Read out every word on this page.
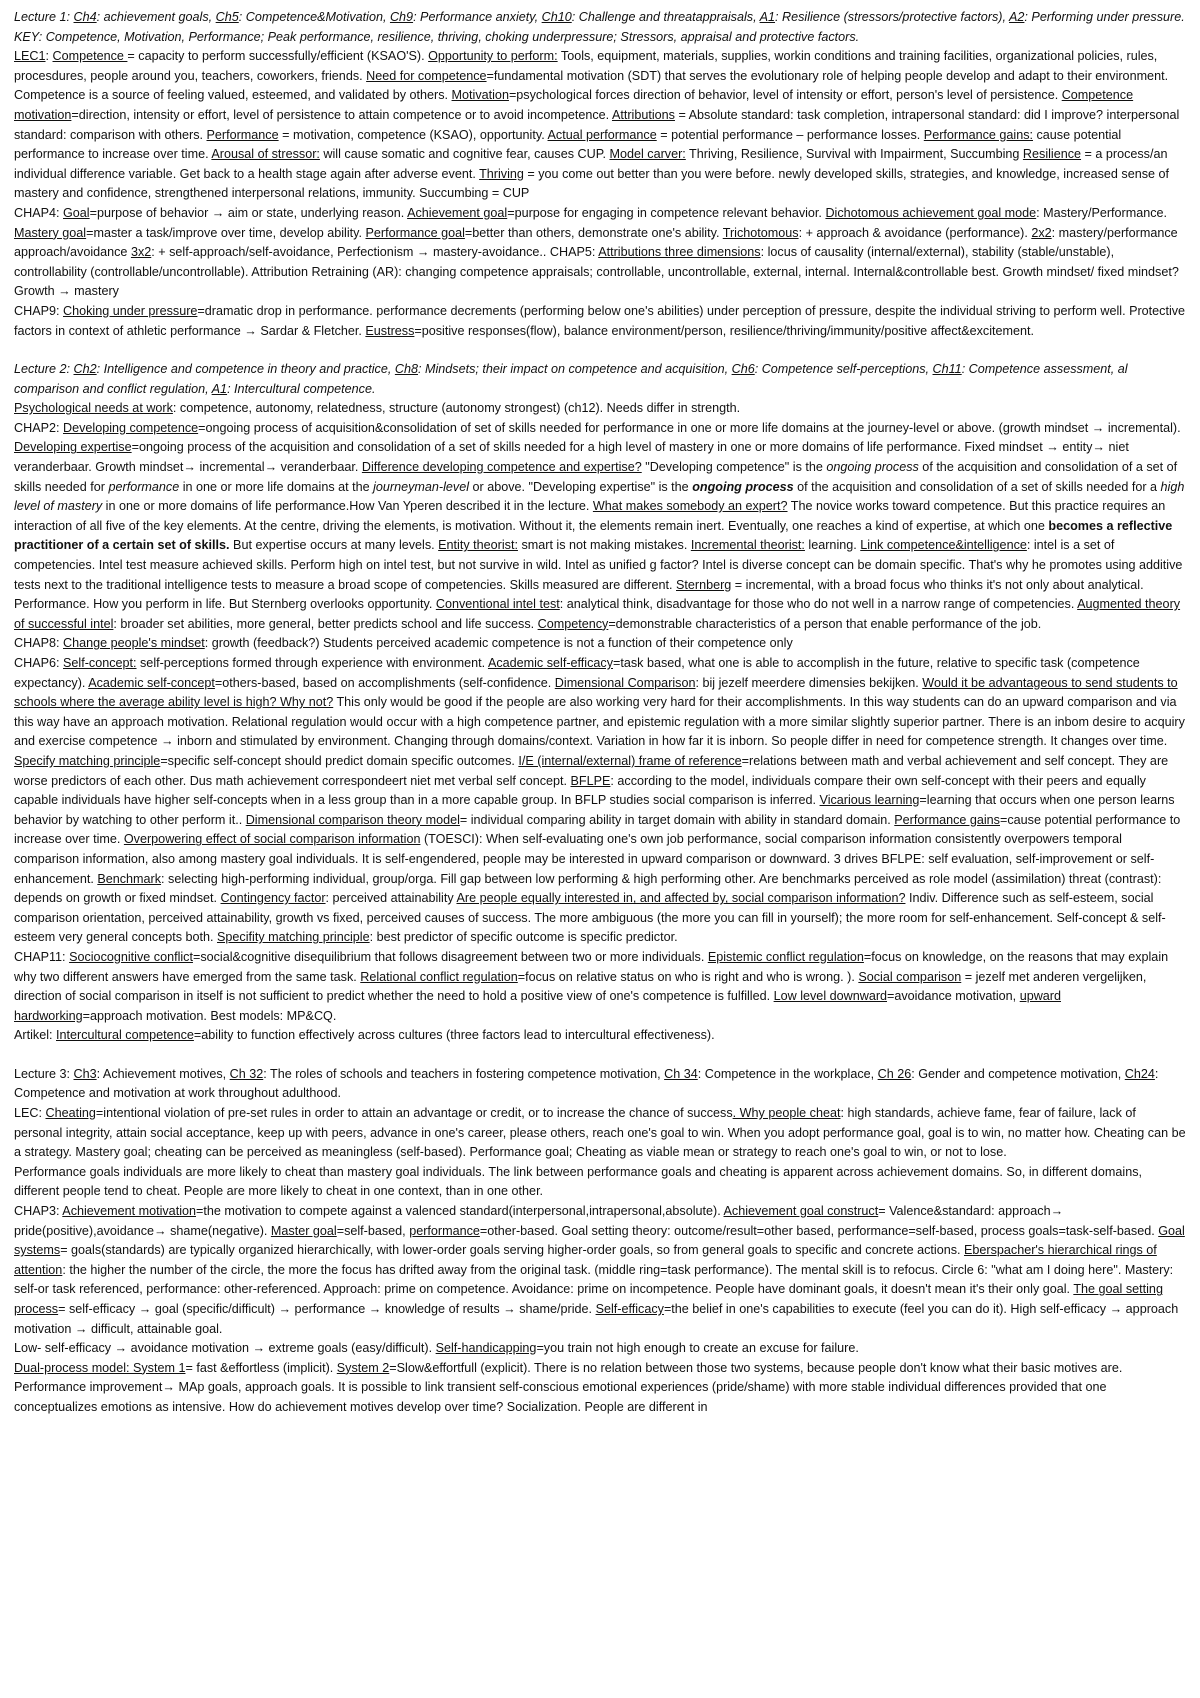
Lecture 1: Ch4: achievement goals, Ch5: Competence&Motivation, Ch9: Performance anxiety, Ch10: Challenge and threatappraisals, A1: Resilience (stressors/protective factors), A2: Performing under pressure. KEY: Competence, Motivation, Performance; Peak performance, resilience, thriving, choking underpressure; Stressors, appraisal and protective factors.

LEC1: Competence = capacity to perform successfully/efficient (KSAO'S). Opportunity to perform: Tools, equipment, materials, supplies, workin conditions and training facilities, organizational policies, rules, procesdures, people around you, teachers, coworkers, friends. Need for competence=fundamental motivation (SDT) that serves the evolutionary role of helping people develop and adapt to their environment. Competence is a source of feeling valued, esteemed, and validated by others. Motivation=psychological forces direction of behavior, level of intensity or effort, person's level of persistence. Competence motivation=direction, intensity or effort, level of persistence to attain competence or to avoid incompetence. Attributions = Absolute standard: task completion, intrapersonal standard: did I improve? interpersonal standard: comparison with others. Performance = motivation, competence (KSAO), opportunity. Actual performance = potential performance – performance losses. Performance gains: cause potential performance to increase over time. Arousal of stressor: will cause somatic and cognitive fear, causes CUP. Model carver: Thriving, Resilience, Survival with Impairment, Succumbing Resilience = a process/an individual difference variable. Get back to a health stage again after adverse event. Thriving = you come out better than you were before. newly developed skills, strategies, and knowledge, increased sense of mastery and confidence, strengthened interpersonal relations, immunity. Succumbing = CUP

CHAP4: Goal=purpose of behavior → aim or state, underlying reason. Achievement goal=purpose for engaging in competence relevant behavior. Dichotomous achievement goal mode: Mastery/Performance. Mastery goal=master a task/improve over time, develop ability. Performance goal=better than others, demonstrate one's ability. Trichotomous: + approach & avoidance (performance). 2x2: mastery/performance approach/avoidance 3x2: + self-approach/self-avoidance, Perfectionism → mastery-avoidance.. CHAP5: Attributions three dimensions: locus of causality (internal/external), stability (stable/unstable), controllability (controllable/uncontrollable). Attribution Retraining (AR): changing competence appraisals; controllable, uncontrollable, external, internal. Internal&controllable best. Growth mindset/ fixed mindset? Growth → mastery

CHAP9: Choking under pressure=dramatic drop in performance. performance decrements (performing below one's abilities) under perception of pressure, despite the individual striving to perform well. Protective factors in context of athletic performance → Sardar & Fletcher. Eustress=positive responses(flow), balance environment/person, resilience/thriving/immunity/positive affect&excitement.

Lecture 2: Ch2: Intelligence and competence in theory and practice, Ch8: Mindsets; their impact on competence and acquisition, Ch6: Competence self-perceptions, Ch11: Competence assessment, al comparison and conflict regulation, A1: Intercultural competence.

Psychological needs at work: competence, autonomy, relatedness, structure (autonomy strongest) (ch12). Needs differ in strength.

CHAP2: Developing competence=ongoing process of acquisition&consolidation of set of skills needed for performance in one or more life domains at the journey-level or above. (growth mindset → incremental). Developing expertise=ongoing process of the acquisition and consolidation of a set of skills needed for a high level of mastery in one or more domains of life performance. Fixed mindset → entity→ niet veranderbaar. Growth mindset→ incremental→ veranderbaar. Difference developing competence and expertise? "Developing competence" is the ongoing process of the acquisition and consolidation of a set of skills needed for performance in one or more life domains at the journeyman-level or above. "Developing expertise" is the ongoing process of the acquisition and consolidation of a set of skills needed for a high level of mastery in one or more domains of life performance.How Van Yperen described it in the lecture. What makes somebody an expert? The novice works toward competence. But this practice requires an interaction of all five of the key elements. At the centre, driving the elements, is motivation. Without it, the elements remain inert. Eventually, one reaches a kind of expertise, at which one becomes a reflective practitioner of a certain set of skills. But expertise occurs at many levels. Entity theorist: smart is not making mistakes. Incremental theorist: learning. Link competence&intelligence: intel is a set of competencies. Intel test measure achieved skills. Perform high on intel test, but not survive in wild. Intel as unified g factor? Intel is diverse concept can be domain specific. That's why he promotes using additive tests next to the traditional intelligence tests to measure a broad scope of competencies. Skills measured are different. Sternberg = incremental, with a broad focus who thinks it's not only about analytical. Performance. How you perform in life. But Sternberg overlooks opportunity. Conventional intel test: analytical think, disadvantage for those who do not well in a narrow range of competencies. Augmented theory of successful intel: broader set abilities, more general, better predicts school and life success. Competency=demonstrable characteristics of a person that enable performance of the job.

CHAP8: Change people's mindset: growth (feedback?) Students perceived academic competence is not a function of their competence only

CHAP6: Self-concept: self-perceptions formed through experience with environment. Academic self-efficacy=task based, what one is able to accomplish in the future, relative to specific task (competence expectancy). Academic self-concept=others-based, based on accomplishments (self-confidence. Dimensional Comparison: bij jezelf meerdere dimensies bekijken. Would it be advantageous to send students to schools where the average ability level is high? Why not? This only would be good if the people are also working very hard for their accomplishments. In this way students can do an upward comparison and via this way have an approach motivation. Relational regulation would occur with a high competence partner, and epistemic regulation with a more similar slightly superior partner. There is an inbom desire to acquiry and exercise competence → inborn and stimulated by environment. Changing through domains/context. Variation in how far it is inborn. So people differ in need for competence strength. It changes over time. Specify matching principle=specific self-concept should predict domain specific outcomes. I/E (internal/external) frame of reference=relations between math and verbal achievement and self concept. They are worse predictors of each other. Dus math achievement correspondeert niet met verbal self concept. BFLPE: according to the model, individuals compare their own self-concept with their peers and equally capable individuals have higher self-concepts when in a less group than in a more capable group. In BFLP studies social comparison is inferred. Vicarious learning=learning that occurs when one person learns behavior by watching to other perform it.. Dimensional comparison theory model= individual comparing ability in target domain with ability in standard domain. Performance gains=cause potential performance to increase over time. Overpowering effect of social comparison information (TOESCI): When self-evaluating one's own job performance, social comparison information consistently overpowers temporal comparison information, also among mastery goal individuals. It is self-engendered, people may be interested in upward comparison or downward. 3 drives BFLPE: self evaluation, self-improvement or self-enhancement. Benchmark: selecting high-performing individual, group/orga. Fill gap between low performing & high performing other. Are benchmarks perceived as role model (assimilation) threat (contrast): depends on growth or fixed mindset. Contingency factor: perceived attainability Are people equally interested in, and affected by, social comparison information? Indiv. Difference such as self-esteem, social comparison orientation, perceived attainability, growth vs fixed, perceived causes of success. The more ambiguous (the more you can fill in yourself); the more room for self-enhancement. Self-concept & self-esteem very general concepts both. Specifity matching principle: best predictor of specific outcome is specific predictor.

CHAP11: Sociocognitive conflict=social&cognitive disequilibrium that follows disagreement between two or more individuals. Epistemic conflict regulation=focus on knowledge, on the reasons that may explain why two different answers have emerged from the same task. Relational conflict regulation=focus on relative status on who is right and who is wrong. ). Social comparison = jezelf met anderen vergelijken, direction of social comparison in itself is not sufficient to predict whether the need to hold a positive view of one's competence is fulfilled. Low level downward=avoidance motivation, upward hardworking=approach motivation. Best models: MP&CQ.

Artikel: Intercultural competence=ability to function effectively across cultures (three factors lead to intercultural effectiveness).

Lecture 3: Ch3: Achievement motives, Ch 32: The roles of schools and teachers in fostering competence motivation, Ch 34: Competence in the workplace, Ch 26: Gender and competence motivation, Ch24: Competence and motivation at work throughout adulthood.

LEC: Cheating=intentional violation of pre-set rules in order to attain an advantage or credit, or to increase the chance of success. Why people cheat: high standards, achieve fame, fear of failure, lack of personal integrity, attain social acceptance, keep up with peers, advance in one's career, please others, reach one's goal to win. When you adopt performance goal, goal is to win, no matter how. Cheating can be a strategy. Mastery goal; cheating can be perceived as meaningless (self-based). Performance goal; Cheating as viable mean or strategy to reach one's goal to win, or not to lose.

Performance goals individuals are more likely to cheat than mastery goal individuals. The link between performance goals and cheating is apparent across achievement domains. So, in different domains, different people tend to cheat. People are more likely to cheat in one context, than in one other.

CHAP3: Achievement motivation=the motivation to compete against a valenced standard(interpersonal,intrapersonal,absolute). Achievement goal construct= Valence&standard: approach→ pride(positive),avoidance→ shame(negative). Master goal=self-based, performance=other-based. Goal setting theory: outcome/result=other based, performance=self-based, process goals=task-self-based. Goal systems= goals(standards) are typically organized hierarchically, with lower-order goals serving higher-order goals, so from general goals to specific and concrete actions. Eberspacher's hierarchical rings of attention: the higher the number of the circle, the more the focus has drifted away from the original task. (middle ring=task performance). The mental skill is to refocus. Circle 6: "what am I doing here". Mastery: self-or task referenced, performance: other-referenced. Approach: prime on competence. Avoidance: prime on incompetence. People have dominant goals, it doesn't mean it's their only goal. The goal setting process= self-efficacy → goal (specific/difficult) → performance → knowledge of results → shame/pride. Self-efficacy=the belief in one's capabilities to execute (feel you can do it). High self-efficacy → approach motivation → difficult, attainable goal.

Low- self-efficacy → avoidance motivation → extreme goals (easy/difficult). Self-handicapping=you train not high enough to create an excuse for failure.

Dual-process model: System 1= fast &effortless (implicit). System 2=Slow&effortfull (explicit). There is no relation between those two systems, because people don't know what their basic motives are. Performance improvement→ MAp goals, approach goals. It is possible to link transient self-conscious emotional experiences (pride/shame) with more stable individual differences provided that one conceptualizes emotions as intensive. How do achievement motives develop over time? Socialization. People are different in
